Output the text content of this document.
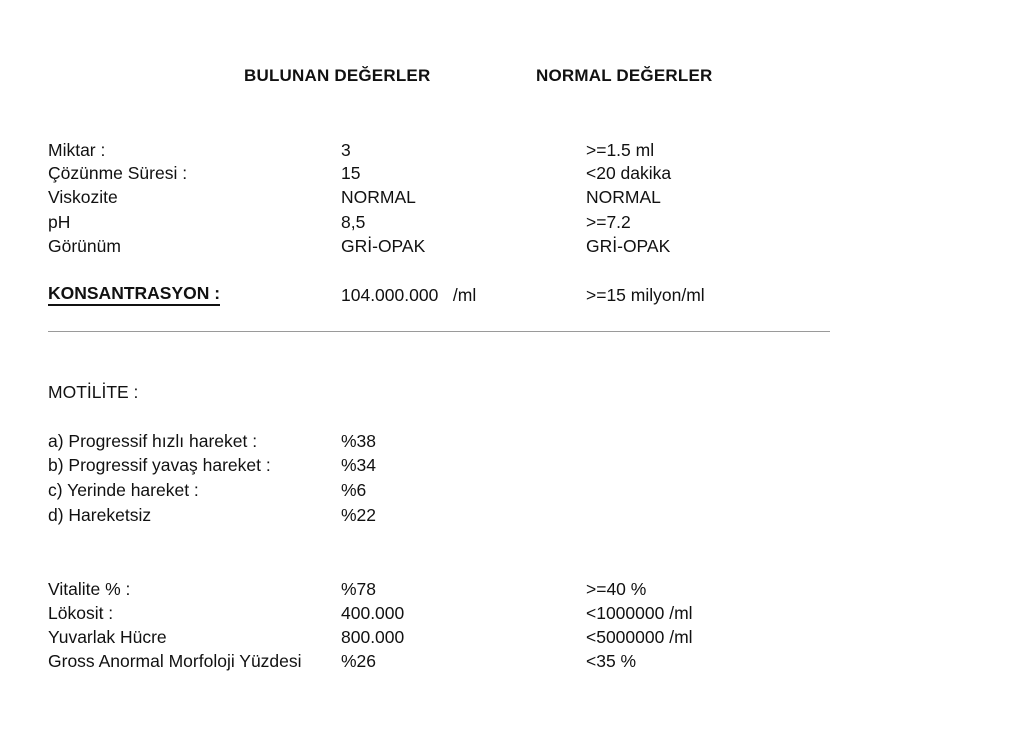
BULUNAN DEĞERLER	NORMAL DEĞERLER
Miktar :	3	>=1.5 ml
Çözünme Süresi :	15	<20 dakika
Viskozite	NORMAL	NORMAL
pH	8,5	>=7.2
Görünüm	GRİ-OPAK	GRİ-OPAK
KONSANTRASYON :	104.000.000   /ml	>=15 milyon/ml
MOTİLİTE :
a) Progressif hızlı hareket :	%38
b) Progressif yavaş hareket :	%34
c) Yerinde hareket :	%6
d) Hareketsiz	%22
Vitalite % :	%78	>=40 %
Lökosit :	400.000	<1000000 /ml
Yuvarlak Hücre	800.000	<5000000 /ml
Gross Anormal Morfoloji Yüzdesi %26	<35 %
